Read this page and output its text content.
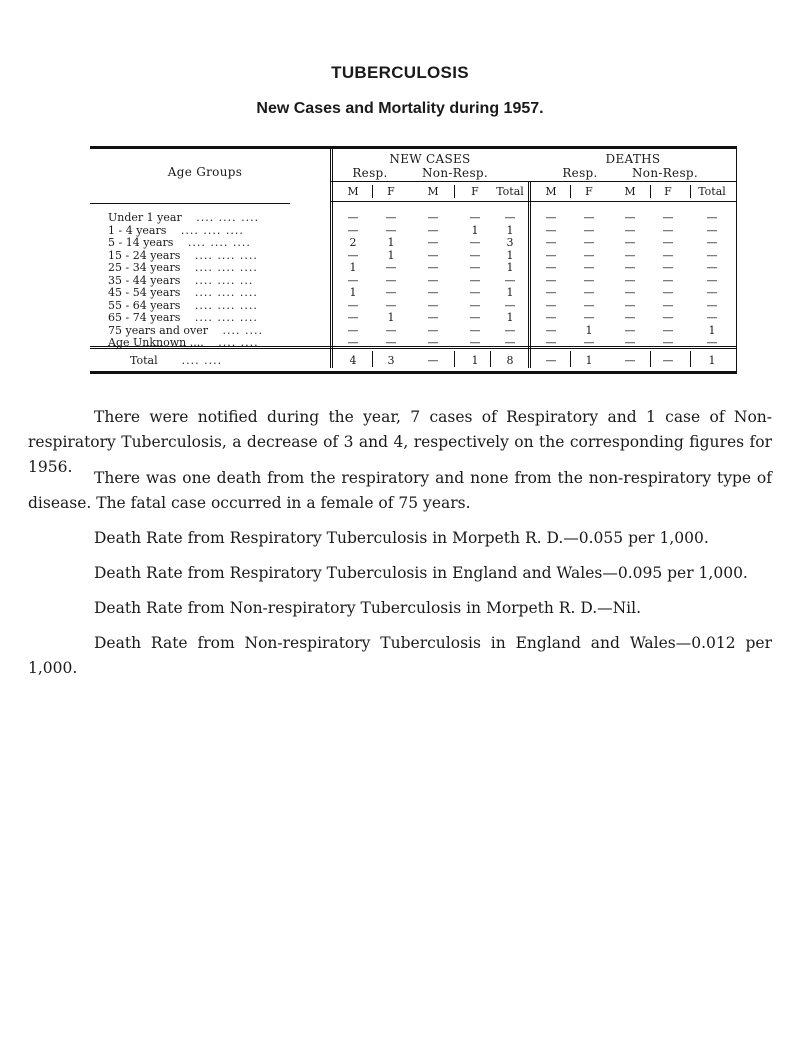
TUBERCULOSIS
New Cases and Mortality during 1957.
Age Groups
NEW CASES	DEATHS
Resp.	Non-Resp.	Resp.	Non-Resp.
M	F	M	F	Total	M	F	M	F	Total
Under 1 year .... .... ....	—	—	—	—	—	—	—	—	—	—
1 - 4 years .... .... ....	—	—	—	1	1	—	—	—	—	—
5 - 14 years .... .... ....	2	1	—	—	3	—	—	—	—	—
15 - 24 years .... .... ....	—	1	—	—	1	—	—	—	—	—
25 - 34 years .... .... ....	1	—	—	—	1	—	—	—	—	—
35 - 44 years .... .... ...	—	—	—	—	—	—	—	—	—	—
45 - 54 years .... .... ....	1	—	—	—	1	—	—	—	—	—
55 - 64 years .... .... ....	—	—	—	—	—	—	—	—	—	—
65 - 74 years .... .... ....	—	1	—	—	1	—	—	—	—	—
75 years and over .... ....	—	—	—	—	—	—	1	—	—	1
Age Unknown .... .... ....	—	—	—	—	—	—	—	—	—	—
Total .... ....	4	3	—	1	8	—	1	—	—	1
There were notified during the year, 7 cases of Respiratory and 1 case of Non-respiratory Tuberculosis, a decrease of 3 and 4, respectively on the corresponding figures for 1956.
There was one death from the respiratory and none from the non-respiratory type of disease. The fatal case occurred in a female of 75 years.
Death Rate from Respiratory Tuberculosis in Morpeth R. D.—0.055 per 1,000.
Death Rate from Respiratory Tuberculosis in England and Wales—0.095 per 1,000.
Death Rate from Non-respiratory Tuberculosis in Morpeth R. D.—Nil.
Death Rate from Non-respiratory Tuberculosis in England and Wales—0.012 per 1,000.
